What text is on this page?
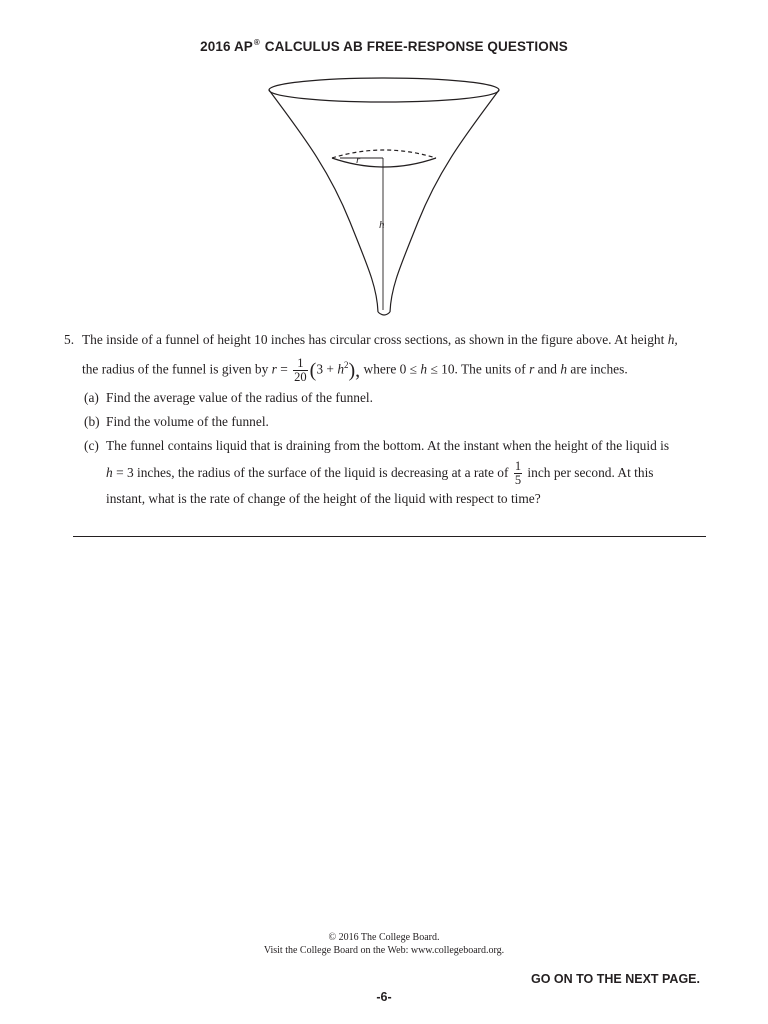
2016 AP® CALCULUS AB FREE-RESPONSE QUESTIONS
r
h
5. The inside of a funnel of height 10 inches has circular cross sections, as shown in the figure above. At height h,
the radius of the funnel is given by $r = \frac{1}{20} (3 + h^2)$, where 0 ≤ h ≤ 10. The units of r and h are inches.
(a) Find the average value of the radius of the funnel.
(b) Find the volume of the funnel.
(c) The funnel contains liquid that is draining from the bottom. At the instant when the height of the liquid is
h = 3 inches, the radius of the surface of the liquid is decreasing at a rate of $\frac{1}{5}$ inch per second. At this
instant, what is the rate of change of the height of the liquid with respect to time?
© 2016 The College Board.
Visit the College Board on the Web: www.collegeboard.org.
GO ON TO THE NEXT PAGE.
-6-
